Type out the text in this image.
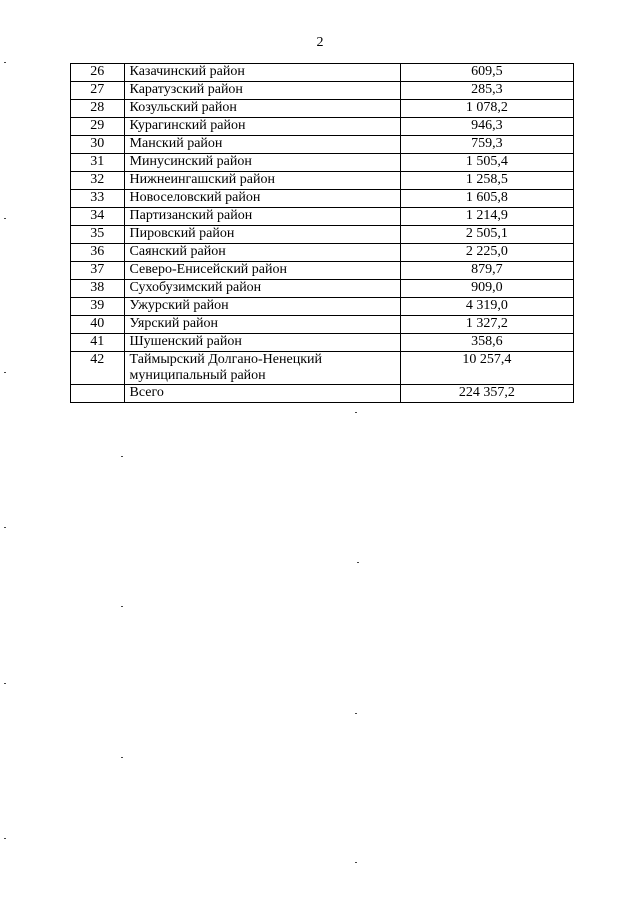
2
26	Казачинский район	609,5
27	Каратузский район	285,3
28	Козульский район	1 078,2
29	Курагинский район	946,3
30	Манский район	759,3
31	Минусинский район	1 505,4
32	Нижнеингашский район	1 258,5
33	Новоселовский район	1 605,8
34	Партизанский район	1 214,9
35	Пировский район	2 505,1
36	Саянский район	2 225,0
37	Северо-Енисейский район	879,7
38	Сухобузимский район	909,0
39	Ужурский район	4 319,0
40	Уярский район	1 327,2
41	Шушенский район	358,6
42	Таймырский Долгано-Ненецкий муниципальный район	10 257,4
	Всего	224 357,2
